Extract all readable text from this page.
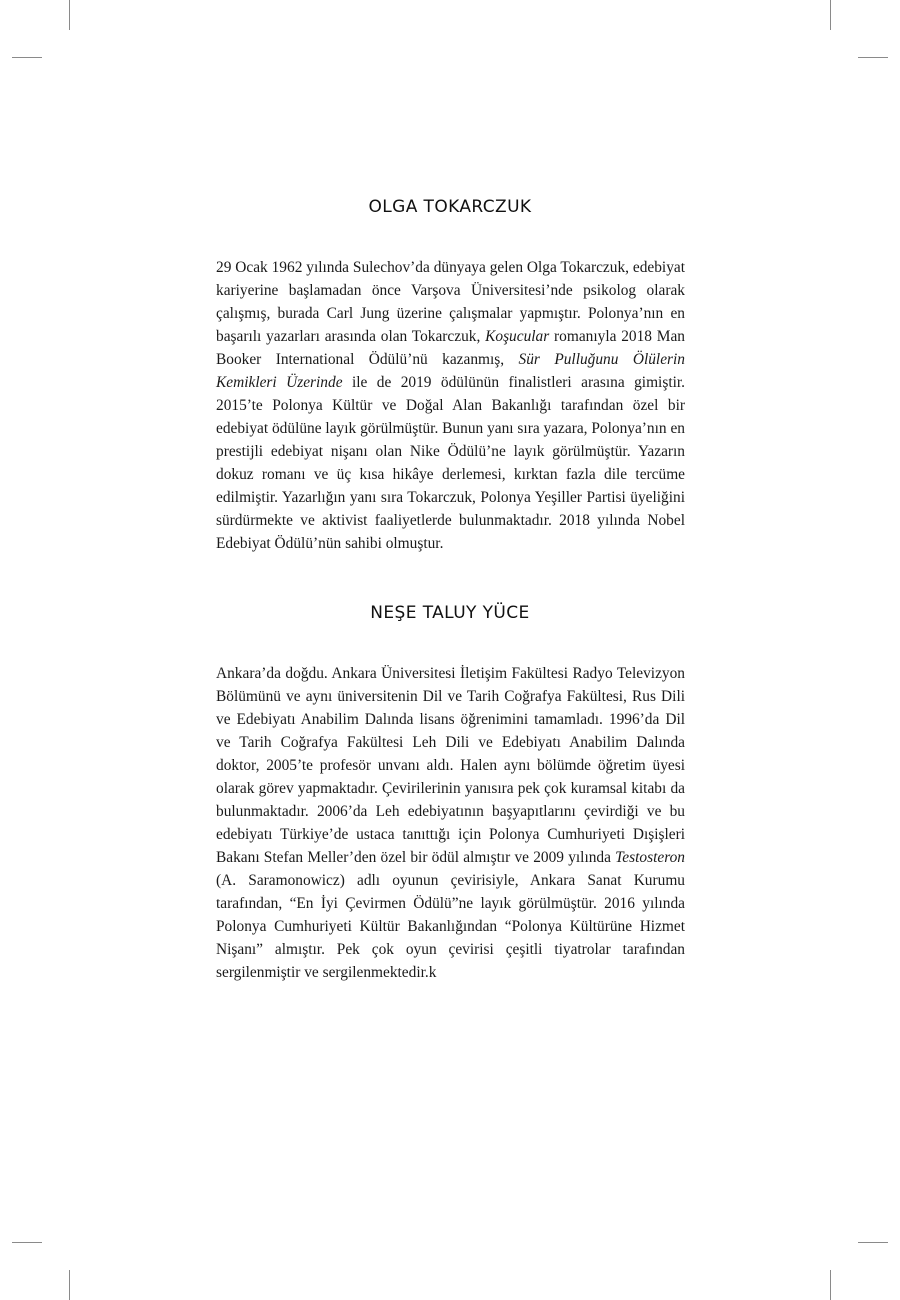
OLGA TOKARCZUK

29 Ocak 1962 yılında Sulechov’da dünyaya gelen Olga Tokarczuk, edebiyat kariyerine başlamadan önce Varşova Üniversitesi’nde psikolog olarak çalışmış, burada Carl Jung üzerine çalışmalar yapmıştır. Polonya’nın en başarılı yazarları arasında olan Tokarczuk, Koşucular romanıyla 2018 Man Booker International Ödülü’nü kazanmış, Sür Pulluğunu Ölülerin Kemikleri Üzerinde ile de 2019 ödülünün finalistleri arasına gimiştir. 2015’te Polonya Kültür ve Doğal Alan Bakanlığı tarafından özel bir edebiyat ödülüne layık görülmüştür. Bunun yanı sıra yazara, Polonya’nın en prestijli edebiyat nişanı olan Nike Ödülü’ne layık görülmüştür. Yazarın dokuz romanı ve üç kısa hikâye derlemesi, kırktan fazla dile tercüme edilmiştir. Yazarlığın yanı sıra Tokarczuk, Polonya Yeşiller Partisi üyeliğini sürdürmekte ve aktivist faaliyetlerde bulunmaktadır. 2018 yılında Nobel Edebiyat Ödülü’nün sahibi olmuştur.

NEŞE TALUY YÜCE

Ankara’da doğdu. Ankara Üniversitesi İletişim Fakültesi Radyo Televizyon Bölümünü ve aynı üniversitenin Dil ve Tarih Coğrafya Fakültesi, Rus Dili ve Edebiyatı Anabilim Dalında lisans öğrenimini tamamladı. 1996’da Dil ve Tarih Coğrafya Fakültesi Leh Dili ve Edebiyatı Anabilim Dalında doktor, 2005’te profesör unvanı aldı. Halen aynı bölümde öğretim üyesi olarak görev yapmaktadır. Çevirilerinin yanısıra pek çok kuramsal kitabı da bulunmaktadır. 2006’da Leh edebiyatının başyapıtlarını çevirdiği ve bu edebiyatı Türkiye’de ustaca tanıttığı için Polonya Cumhuriyeti Dışişleri Bakanı Stefan Meller’den özel bir ödül almıştır ve 2009 yılında Testosteron (A. Saramonowicz) adlı oyunun çevirisiyle, Ankara Sanat Kurumu tarafından, “En İyi Çevirmen Ödülü”ne layık görülmüştür. 2016 yılında Polonya Cumhuriyeti Kültür Bakanlığından “Polonya Kültürüne Hizmet Nişanı” almıştır. Pek çok oyun çevirisi çeşitli tiyatrolar tarafından sergilenmiştir ve sergilenmektedir.k
